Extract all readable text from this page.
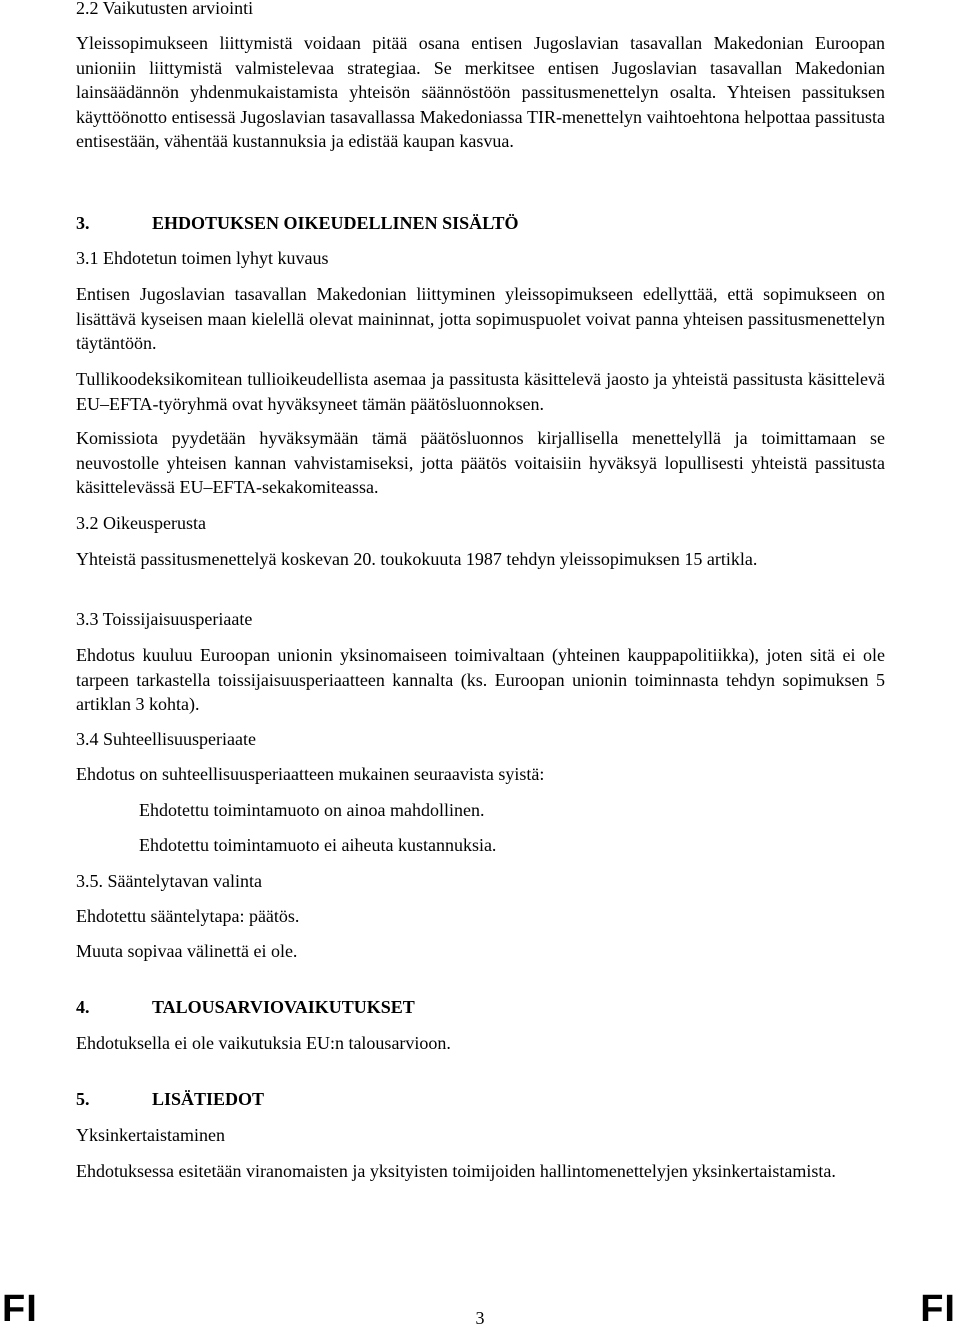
2.2 Vaikutusten arviointi

Yleissopimukseen liittymistä voidaan pitää osana entisen Jugoslavian tasavallan Makedonian Euroopan unioniin liittymistä valmistelevaa strategiaa. Se merkitsee entisen Jugoslavian tasavallan Makedonian lainsäädännön yhdenmukaistamista yhteisön säännöstöön passitusmenettelyn osalta. Yhteisen passituksen käyttöönotto entisessä Jugoslavian tasavallassa Makedoniassa TIR-menettelyn vaihtoehtona helpottaa passitusta entisestään, vähentää kustannuksia ja edistää kaupan kasvua.

3.	EHDOTUKSEN OIKEUDELLINEN SISÄLTÖ

3.1 Ehdotetun toimen lyhyt kuvaus

Entisen Jugoslavian tasavallan Makedonian liittyminen yleissopimukseen edellyttää, että sopimukseen on lisättävä kyseisen maan kielellä olevat maininnat, jotta sopimuspuolet voivat panna yhteisen passitusmenettelyn täytäntöön.

Tullikoodeksikomitean tullioikeudellista asemaa ja passitusta käsittelevä jaosto ja yhteistä passitusta käsittelevä EU–EFTA-työryhmä ovat hyväksyneet tämän päätösluonnoksen.

Komissiota pyydetään hyväksymään tämä päätösluonnos kirjallisella menettelyllä ja toimittamaan se neuvostolle yhteisen kannan vahvistamiseksi, jotta päätös voitaisiin hyväksyä lopullisesti yhteistä passitusta käsittelevässä EU–EFTA-sekakomiteassa.

3.2 Oikeusperusta

Yhteistä passitusmenettelyä koskevan 20. toukokuuta 1987 tehdyn yleissopimuksen 15 artikla.

3.3 Toissijaisuusperiaate

Ehdotus kuuluu Euroopan unionin yksinomaiseen toimivaltaan (yhteinen kauppapolitiikka), joten sitä ei ole tarpeen tarkastella toissijaisuusperiaatteen kannalta (ks. Euroopan unionin toiminnasta tehdyn sopimuksen 5 artiklan 3 kohta).

3.4 Suhteellisuusperiaate

Ehdotus on suhteellisuusperiaatteen mukainen seuraavista syistä:

Ehdotettu toimintamuoto on ainoa mahdollinen.

Ehdotettu toimintamuoto ei aiheuta kustannuksia.

3.5. Sääntelytavan valinta

Ehdotettu sääntelytapa: päätös.

Muuta sopivaa välinettä ei ole.

4.	TALOUSARVIOVAIKUTUKSET

Ehdotuksella ei ole vaikutuksia EU:n talousarvioon.

5.	LISÄTIEDOT

Yksinkertaistaminen

Ehdotuksessa esitetään viranomaisten ja yksityisten toimijoiden hallintomenettelyjen yksinkertaistamista.

FI	3	FI
